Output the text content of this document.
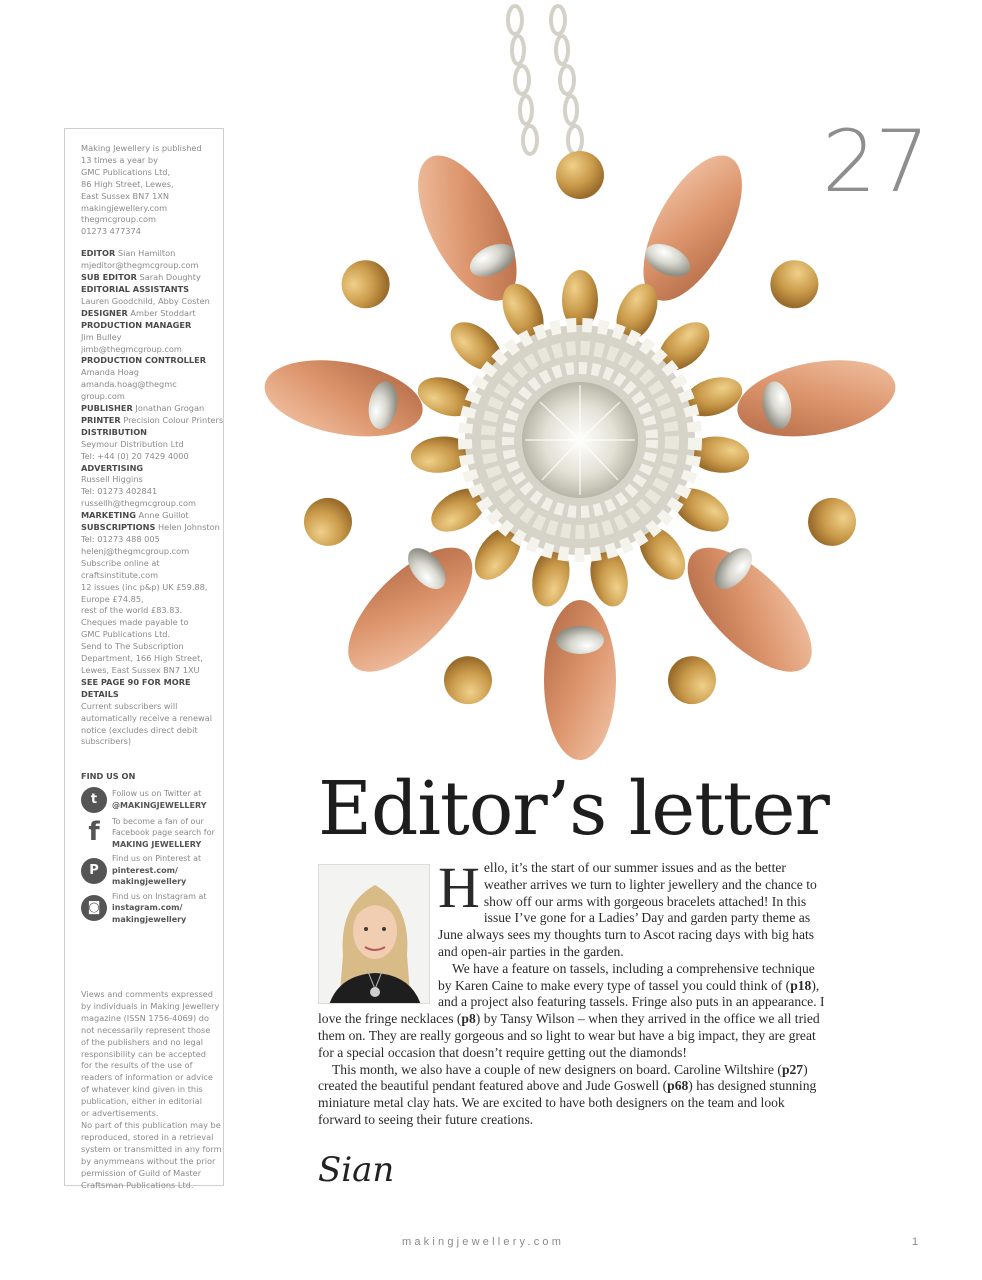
Making Jewellery is published
13 times a year by
GMC Publications Ltd,
86 High Street, Lewes,
East Sussex BN7 1XN
makingjewellery.com
thegmcgroup.com
01273 477374
EDITOR Sian Hamilton
mjeditor@thegmcgroup.com
SUB EDITOR Sarah Doughty
EDITORIAL ASSISTANTS
Lauren Goodchild, Abby Costen
DESIGNER Amber Stoddart
PRODUCTION MANAGER
Jim Bulley
jimb@thegmcgroup.com
PRODUCTION CONTROLLER
Amanda Hoag
amanda.hoag@thegmc
group.com
PUBLISHER Jonathan Grogan
PRINTER Precision Colour Printers
DISTRIBUTION
Seymour Distribution Ltd
Tel: +44 (0) 20 7429 4000
ADVERTISING
Russell Higgins
Tel: 01273 402841
russellh@thegmcgroup.com
MARKETING Anne Guillot
SUBSCRIPTIONS Helen Johnston
Tel: 01273 488 005
helenj@thegmcgroup.com
Subscribe online at
craftsinstitute.com
12 issues (inc p&p) UK £59.88,
Europe £74.85,
rest of the world £83.83.
Cheques made payable to
GMC Publications Ltd.
Send to The Subscription
Department, 166 High Street,
Lewes, East Sussex BN7 1XU
SEE PAGE 90 FOR MORE
DETAILS
Current subscribers will
automatically receive a renewal
notice (excludes direct debit
subscribers)
FIND US ON
t	Follow us on Twitter at
@MAKINGJEWELLERY
f	To become a fan of our
Facebook page search for
MAKING JEWELLERY
P
Find us on Pinterest at
pinterest.com/
makingjewellery
◙
Find us on Instagram at
instagram.com/
makingjewellery
Views and comments expressed
by individuals in Making Jewellery
magazine (ISSN 1756-4069) do
not necessarily represent those
of the publishers and no legal
responsibility can be accepted
for the results of the use of
readers of information or advice
of whatever kind given in this
publication, either in editorial
or advertisements.
No part of this publication may be
reproduced, stored in a retrieval
system or transmitted in any form
by anymmeans without the prior
permission of Guild of Master
Craftsman Publications Ltd.
27
Editor’s letter

Hello, it’s the start of our summer issues and as the better weather arrives we turn to lighter jewellery and the chance to show off our arms with gorgeous bracelets attached! In this issue I’ve gone for a Ladies’ Day and garden party theme as June always sees my thoughts turn to Ascot racing days with big hats and open-air parties in the garden.

We have a feature on tassels, including a comprehensive technique by Karen Caine to make every type of tassel you could think of (p18), and a project also featuring tassels. Fringe also puts in an appearance. I love the fringe necklaces (p8) by Tansy Wilson – when they arrived in the office we all tried them on. They are really gorgeous and so light to wear but have a big impact, they are great for a special occasion that doesn’t require getting out the diamonds!

This month, we also have a couple of new designers on board. Caroline Wiltshire (p27) created the beautiful pendant featured above and Jude Goswell (p68) has designed stunning miniature metal clay hats. We are excited to have both designers on the team and look forward to seeing their future creations.

Sian
makingjewellery.com	1
